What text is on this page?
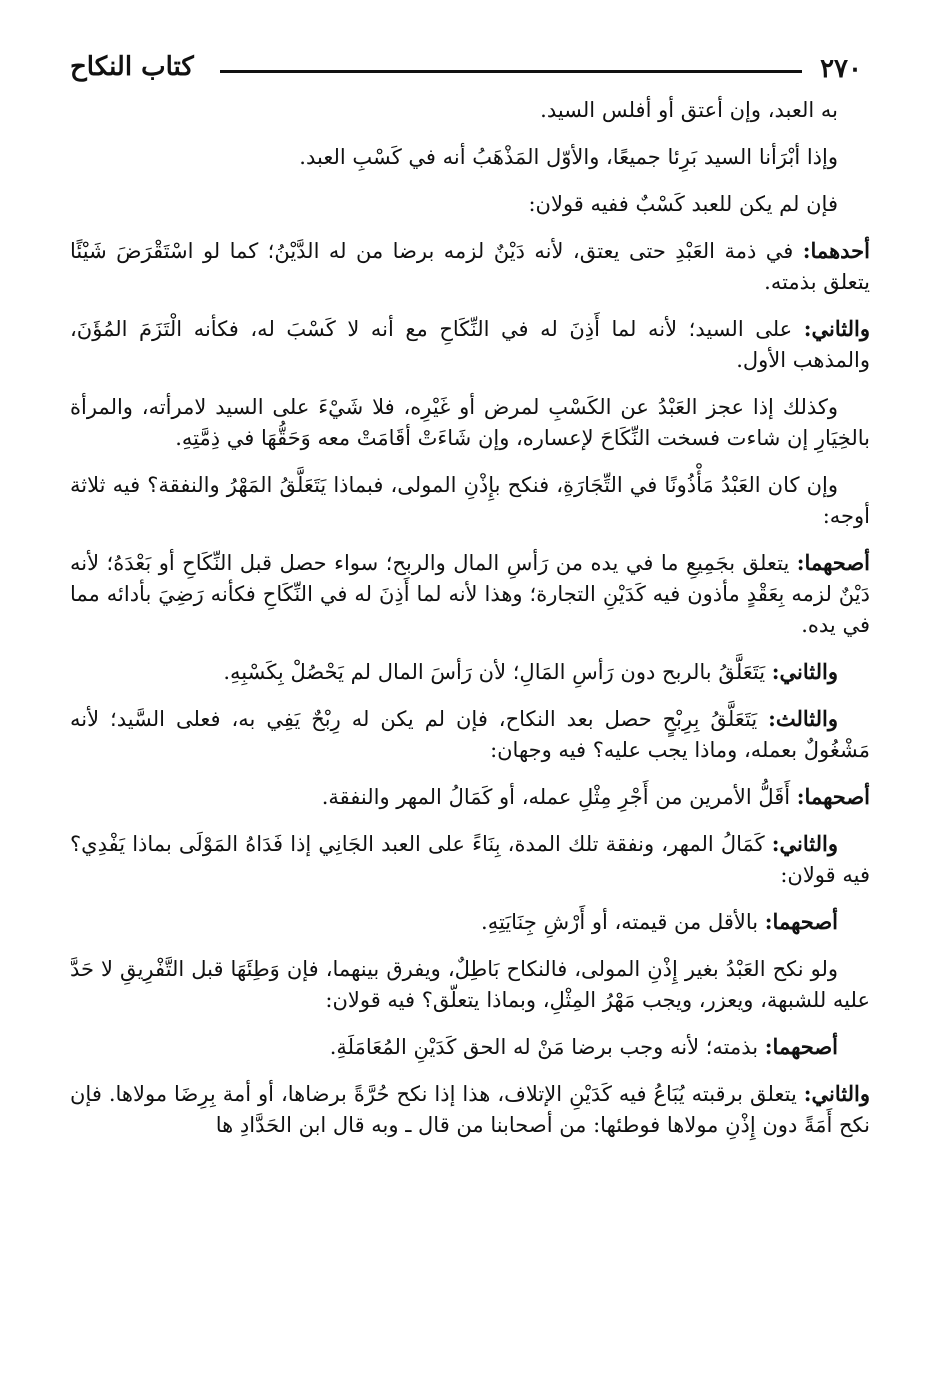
٢٧٠
كتاب النكاح

به العبد، وإن أعتق أو أفلس السيد.

وإذا أبْرَأنا السيد بَرِئا جميعًا، والأوّل المَذْهَبُ أنه في كَسْبِ العبد.

فإن لم يكن للعبد كَسْبٌ ففيه قولان:

أحدهما: في ذمة العَبْدِ حتى يعتق، لأنه دَيْنٌ لزمه برضا من له الدَّيْنُ؛ كما لو اسْتَقْرَضَ شَيْئًا يتعلق بذمته.

والثاني: على السيد؛ لأنه لما أَذِنَ له في النِّكَاحِ مع أنه لا كَسْبَ له، فكأنه الْتَزَمَ المُؤَنَ، والمذهب الأول.

وكذلك إذا عجز العَبْدُ عن الكَسْبِ لمرض أو غَيْرِه، فلا شَيْءَ على السيد لامرأته، والمرأة بالخِيَارِ إن شاءت فسخت النِّكَاحَ لإعساره، وإن شَاءَتْ أقَامَتْ معه وَحَقُّهَا في ذِمَّتِهِ.

وإن كان العَبْدُ مَأْذُونًا في التِّجَارَةِ، فنكح بإِذْنِ المولى، فبماذا يَتَعَلَّقُ المَهْرُ والنفقة؟ فيه ثلاثة أوجه:

أصحهما: يتعلق بجَمِيعِ ما في يده من رَأسِ المال والربح؛ سواء حصل قبل النِّكَاحِ أو بَعْدَهُ؛ لأنه دَيْنٌ لزمه بِعَقْدٍ مأذون فيه كَدَيْنِ التجارة؛ وهذا لأنه لما أَذِنَ له في النِّكَاحِ فكأنه رَضِيَ بأدائه مما في يده.

والثاني: يَتَعَلَّقُ بالربح دون رَأسِ المَالِ؛ لأن رَأسَ المال لم يَحْصُلْ بِكَسْبِهِ.

والثالث: يَتَعَلَّقُ بِرِبْحٍ حصل بعد النكاح، فإن لم يكن له رِبْحٌ يَفِي به، فعلى السَّيد؛ لأنه مَشْغُولٌ بعمله، وماذا يجب عليه؟ فيه وجهان:

أصحهما: أَقَلُّ الأمرين من أَجْرِ مِثْلِ عمله، أو كَمَالُ المهر والنفقة.

والثاني: كَمَالُ المهر، ونفقة تلك المدة، بِنَاءً على العبد الجَانِي إذا فَدَاهُ المَوْلَى بماذا يَفْدِي؟ فيه قولان:

أصحهما: بالأقل من قيمته، أو أَرْشِ جِنَايَتِهِ.

ولو نكح العَبْدُ بغير إِذْنِ المولى، فالنكاح بَاطِلٌ، ويفرق بينهما، فإن وَطِئَهَا قبل التَّفْرِيقِ لا حَدَّ عليه للشبهة، ويعزر، ويجب مَهْرُ المِثْلِ، وبماذا يتعلّق؟ فيه قولان:

أصحهما: بذمته؛ لأنه وجب برضا مَنْ له الحق كَدَيْنِ المُعَامَلَةِ.

والثاني: يتعلق برقبته يُبَاعُ فيه كَدَيْنِ الإتلاف، هذا إذا نكح حُرَّةً برضاها، أو أمة بِرِضَا مولاها. فإن نكح أَمَةً دون إِذْنِ مولاها فوطئها: من أصحابنا من قال ـ وبه قال ابن الحَدَّادِ ها
